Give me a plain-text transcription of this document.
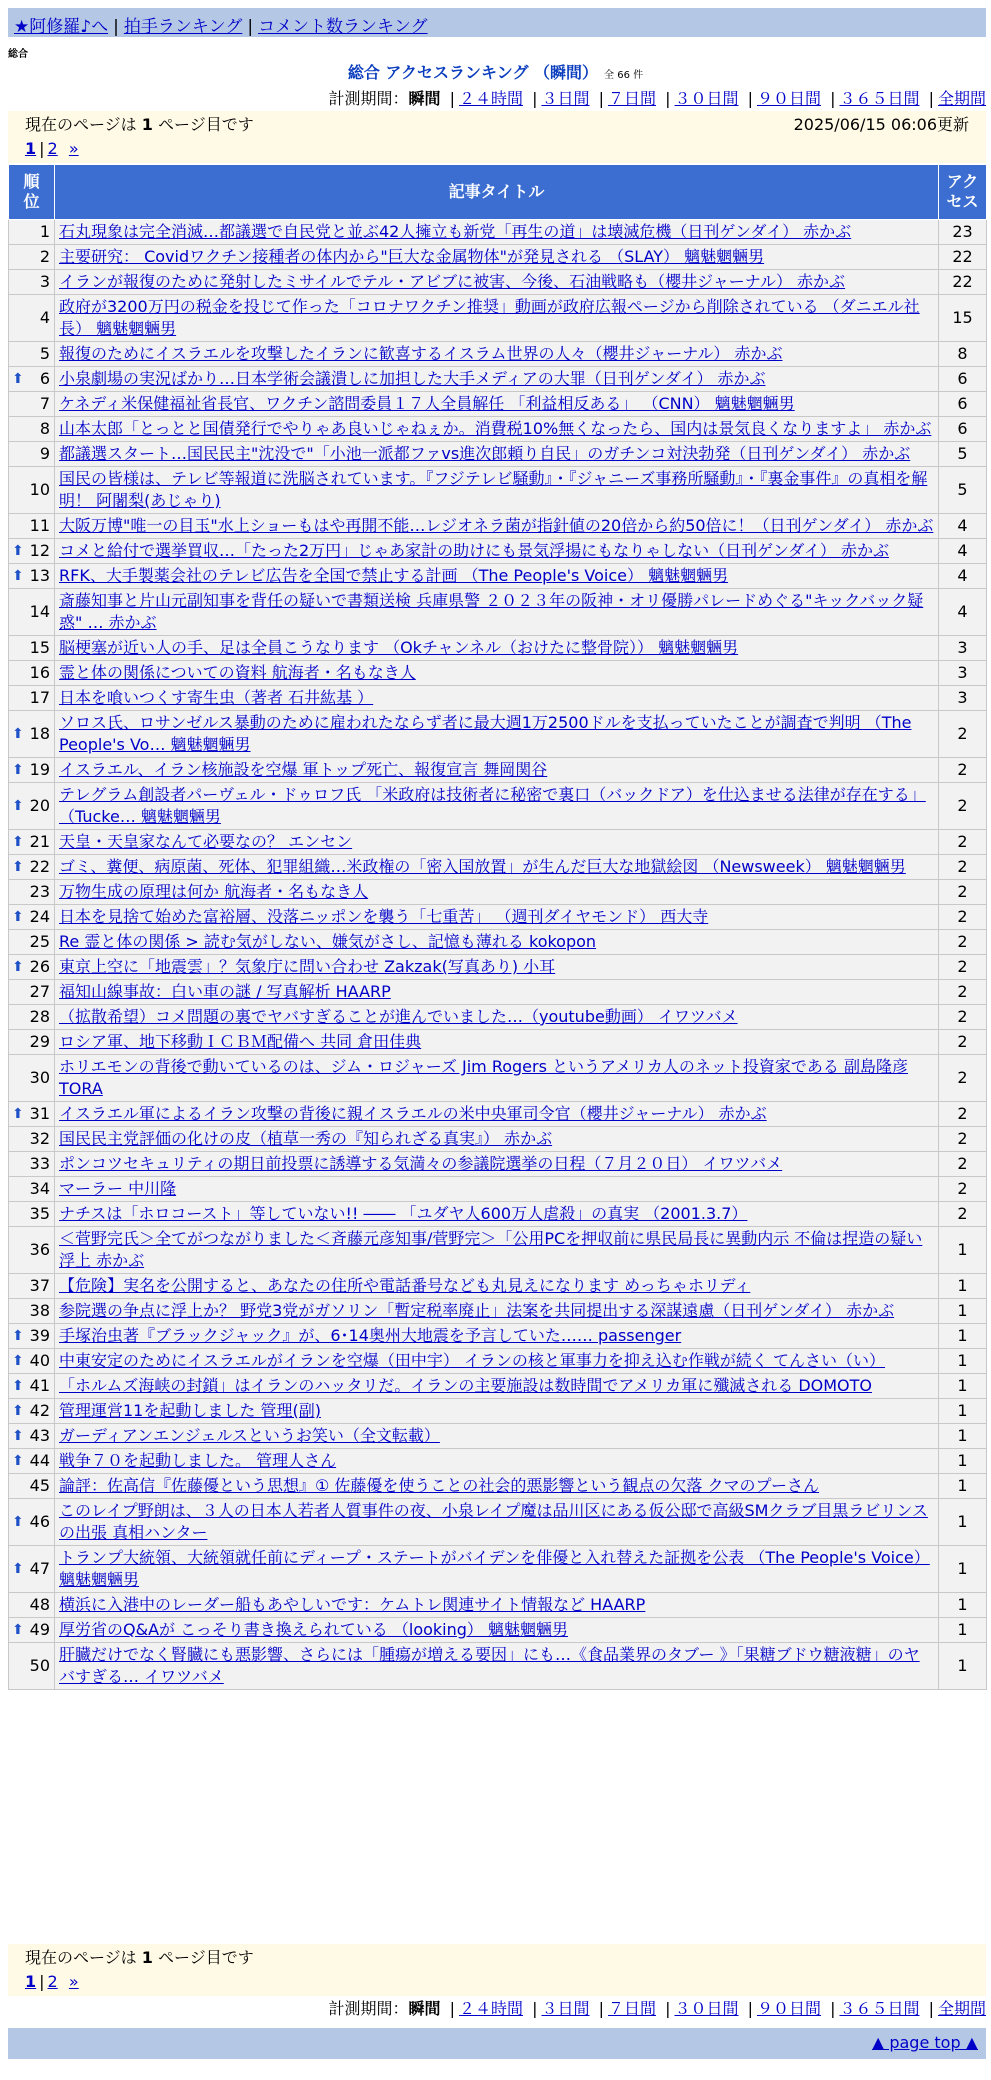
★阿修羅♪へ | 拍手ランキング | コメント数ランキング
総合
総合 アクセスランキング （瞬間） 全 66 件
計測期間：瞬間 | ２４時間 | ３日間 | ７日間 | ３０日間 | ９０日間 | ３６５日間 | 全期間
現在のページは 1 ページ目です	2025/06/15 06:06更新
1 | 2 »
順位	記事タイトル	アクセス
1	石丸現象は完全消滅…都議選で自民党と並ぶ42人擁立も新党「再生の道」は壊滅危機（日刊ゲンダイ） 赤かぶ	23
2	主要研究： Covidワクチン接種者の体内から"巨大な金属物体"が発見される （SLAY） 魑魅魍魎男	22
3	イランが報復のために発射したミサイルでテル・アビブに被害、今後、石油戦略も（櫻井ジャーナル） 赤かぶ	22
4	政府が3200万円の税金を投じて作った「コロナワクチン推奨」動画が政府広報ページから削除されている （ダニエル社長） 魑魅魍魎男	15
5	報復のためにイスラエルを攻撃したイランに歓喜するイスラム世界の人々（櫻井ジャーナル） 赤かぶ	8

⬆ 6	小泉劇場の実況ばかり…日本学術会議潰しに加担した大手メディアの大罪（日刊ゲンダイ） 赤かぶ	6
7	ケネディ米保健福祉省長官、ワクチン諮問委員１７人全員解任 「利益相反ある」 （CNN） 魑魅魍魎男	6
8	山本太郎「とっとと国債発行でやりゃあ良いじゃねぇか。消費税10%無くなったら、国内は景気良くなりますよ」 赤かぶ	6
9	都議選スタート…国民民主"沈没で"「小池一派都ファvs進次郎頼り自民」のガチンコ対決勃発（日刊ゲンダイ） 赤かぶ	5
10	国民の皆様は、テレビ等報道に洗脳されています。『フジテレビ騒動』・『ジャニーズ事務所騒動』・『裏金事件』の真相を解明！ 阿闍梨(あじゃり)	5
11	大阪万博"唯一の目玉"水上ショーもはや再開不能…レジオネラ菌が指針値の20倍から約50倍に！（日刊ゲンダイ） 赤かぶ	4

⬆ 12	コメと給付で選挙買収…「たった2万円」じゃあ家計の助けにも景気浮揚にもなりゃしない（日刊ゲンダイ） 赤かぶ	4

⬆ 13	RFK、大手製薬会社のテレビ広告を全国で禁止する計画 （The People's Voice） 魑魅魍魎男	4
14	斎藤知事と片山元副知事を背任の疑いで書類送検 兵庫県警 ２０２３年の阪神・オリ優勝パレードめぐる"キックバック疑惑" … 赤かぶ	4
15	脳梗塞が近い人の手、足は全員こうなります （Okチャンネル（おけたに整骨院）） 魑魅魍魎男	3
16	霊と体の関係についての資料 航海者・名もなき人	3
17	日本を喰いつくす寄生虫（著者 石井紘基 ）	3

⬆ 18	ソロス氏、ロサンゼルス暴動のために雇われたならず者に最大週1万2500ドルを支払っていたことが調査で判明 （The People's Vo… 魑魅魍魎男	2

⬆ 19	イスラエル、イラン核施設を空爆 軍トップ死亡、報復宣言 舞岡関谷	2

⬆ 20	テレグラム創設者パーヴェル・ドゥロフ氏 「米政府は技術者に秘密で裏口（バックドア）を仕込ませる法律が存在する」 （Tucke… 魑魅魍魎男	2

⬆ 21	天皇・天皇家なんて必要なの？ エンセン	2

⬆ 22	ゴミ、糞便、病原菌、死体、犯罪組織…米政権の「密入国放置」が生んだ巨大な地獄絵図 （Newsweek） 魑魅魍魎男	2
23	万物生成の原理は何か 航海者・名もなき人	2

⬆ 24	日本を見捨て始めた富裕層、没落ニッポンを襲う「七重苦」 （週刊ダイヤモンド） 西大寺	2
25	Re 霊と体の関係 > 読む気がしない、嫌気がさし、記憶も薄れる kokopon	2

⬆ 26	東京上空に「地震雲」？気象庁に問い合わせ Zakzak(写真あり) 小耳	2
27	福知山線事故：白い車の謎 / 写真解析 HAARP	2
28	（拡散希望）コメ問題の裏でヤバすぎることが進んでいました…（youtube動画） イワツバメ	2
29	ロシア軍、地下移動ＩＣＢＭ配備へ 共同 倉田佳典	2
30	ホリエモンの背後で動いているのは、ジム・ロジャーズ Jim Rogers というアメリカ人のネット投資家である 副島隆彦 TORA	2

⬆ 31	イスラエル軍によるイラン攻撃の背後に親イスラエルの米中央軍司令官（櫻井ジャーナル） 赤かぶ	2
32	国民民主党評価の化けの皮（植草一秀の『知られざる真実』） 赤かぶ	2
33	ポンコツセキュリティの期日前投票に誘導する気満々の参議院選挙の日程（７月２０日） イワツバメ	2
34	マーラー 中川隆	2
35	ナチスは「ホロコースト」等していない!! ―― 「ユダヤ人600万人虐殺」の真実 （2001.3.7）	2
36	＜菅野完氏＞全てがつながりました＜斉藤元彦知事/菅野完＞「公用PCを押収前に県民局長に異動内示 不倫は捏造の疑い 浮上 赤かぶ	1
37	【危険】実名を公開すると、あなたの住所や電話番号なども丸見えになります めっちゃホリディ	1
38	参院選の争点に浮上か？ 野党3党がガソリン「暫定税率廃止」法案を共同提出する深謀遠慮（日刊ゲンダイ） 赤かぶ	1

⬆ 39	手塚治虫著『ブラックジャック』が、6･14奥州大地震を予言していた…… passenger	1

⬆ 40	中東安定のためにイスラエルがイランを空爆（田中宇） イランの核と軍事力を抑え込む作戦が続く てんさい（い）	1

⬆ 41	「ホルムズ海峡の封鎖」はイランのハッタリだ。イランの主要施設は数時間でアメリカ軍に殲滅される DOMOTO	1

⬆ 42	管理運営11を起動しました 管理(副)	1

⬆ 43	ガーディアンエンジェルスというお笑い（全文転載）	1

⬆ 44	戦争７０を起動しました。 管理人さん	1
45	論評：佐高信『佐藤優という思想』① 佐藤優を使うことの社会的悪影響という観点の欠落 クマのプーさん	1

⬆ 46	このレイプ野朗は、３人の日本人若者人質事件の夜、小泉レイプ魔は品川区にある仮公邸で高級SMクラブ目黒ラビリンスの出張 真相ハンター	1

⬆ 47	トランプ大統領、大統領就任前にディープ・ステートがバイデンを俳優と入れ替えた証拠を公表 （The People's Voice） 魑魅魍魎男	1
48	横浜に入港中のレーダー船もあやしいです：ケムトレ関連サイト情報など HAARP	1

⬆ 49	厚労省のQ&Aが こっそり書き換えられている （looking） 魑魅魍魎男	1
50	肝臓だけでなく腎臓にも悪影響、さらには「腫瘍が増える要因」にも…《食品業界のタブー 》「果糖ブドウ糖液糖」のヤバすぎる… イワツバメ	1
現在のページは 1 ページ目です
1 | 2 »
計測期間：瞬間 | ２４時間 | ３日間 | ７日間 | ３０日間 | ９０日間 | ３６５日間 | 全期間
▲ page top ▲
